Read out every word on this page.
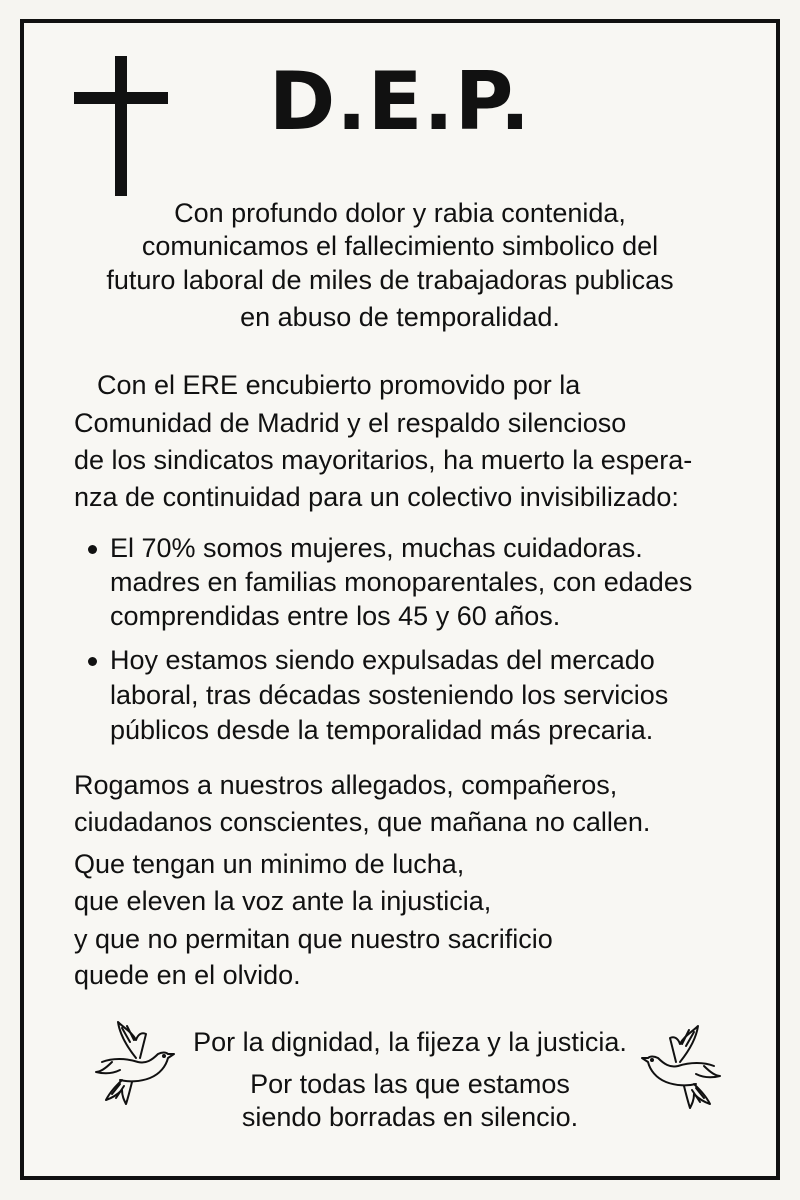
D.E.P.

Con profundo dolor y rabia contenida,

comunicamos el fallecimiento simbolico del

futuro laboral de miles de trabajadoras publicas

en abuso de temporalidad.

Con el ERE encubierto promovido por la

Comunidad de Madrid y el respaldo silencioso

de los sindicatos mayoritarios, ha muerto la esperа-

nza de continuidad para un colectivo invisibilizado:

El 70% somos mujeres, muchas cuidadoras.

madres en familias monoparentales, con edades

comprendidas entre los 45 y 60 años.

Hoy estamos siendo expulsadas del mercado

laboral, tras décadas sosteniendo los servicios

públicos desde la temporalidad más precaria.

Rogamos a nuestros allegados, compañeros,

ciudadanos conscientes, que mañana no callen.

Que tengan un minimo de lucha,

que eleven la voz ante la injusticia,

y que no permitan que nuestro sacrificio

quede en el olvido.

Por la dignidad, la fijeza y la justicia.

Por todas las que estamos

siendo borradas en silencio.
